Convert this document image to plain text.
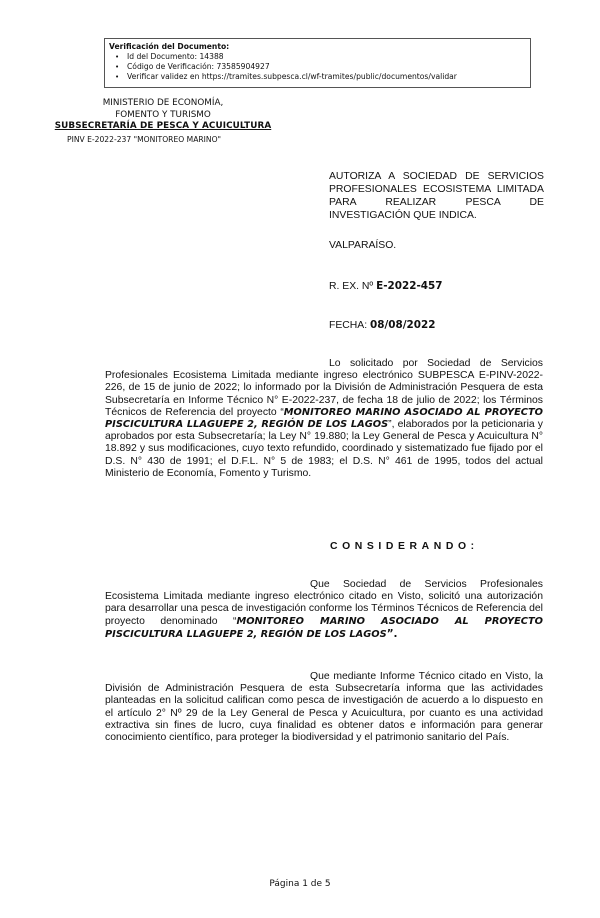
Verificación del Documento:
• Id del Documento: 14388
• Código de Verificación: 73585904927
• Verificar validez en https://tramites.subpesca.cl/wf-tramites/public/documentos/validar
MINISTERIO DE ECONOMÍA,
FOMENTO Y TURISMO
SUBSECRETARÍA DE PESCA Y ACUICULTURA
PINV E-2022-237 "MONITOREO MARINO"
AUTORIZA A SOCIEDAD DE SERVICIOS PROFESIONALES ECOSISTEMA LIMITADA PARA REALIZAR PESCA DE INVESTIGACIÓN QUE INDICA.
VALPARAÍSO.
R. EX. Nº E-2022-457
FECHA: 08/08/2022
Lo solicitado por Sociedad de Servicios Profesionales Ecosistema Limitada mediante ingreso electrónico SUBPESCA E-PINV-2022-226, de 15 de junio de 2022; lo informado por la División de Administración Pesquera de esta Subsecretaría en Informe Técnico N° E-2022-237, de fecha 18 de julio de 2022; los Términos Técnicos de Referencia del proyecto “MONITOREO MARINO ASOCIADO AL PROYECTO PISCICULTURA LLAGUEPE 2, REGIÓN DE LOS LAGOS”, elaborados por la peticionaria y aprobados por esta Subsecretaría; la Ley N° 19.880; la Ley General de Pesca y Acuicultura N° 18.892 y sus modificaciones, cuyo texto refundido, coordinado y sistematizado fue fijado por el D.S. N° 430 de 1991; el D.F.L. N° 5 de 1983; el D.S. N° 461 de 1995, todos del actual Ministerio de Economía, Fomento y Turismo.
CONSIDERANDO:
Que Sociedad de Servicios Profesionales Ecosistema Limitada mediante ingreso electrónico citado en Visto, solicitó una autorización para desarrollar una pesca de investigación conforme los Términos Técnicos de Referencia del proyecto denominado “MONITOREO MARINO ASOCIADO AL PROYECTO PISCICULTURA LLAGUEPE 2, REGIÓN DE LOS LAGOS”.
Que mediante Informe Técnico citado en Visto, la División de Administración Pesquera de esta Subsecretaría informa que las actividades planteadas en la solicitud califican como pesca de investigación de acuerdo a lo dispuesto en el artículo 2° Nº 29 de la Ley General de Pesca y Acuicultura, por cuanto es una actividad extractiva sin fines de lucro, cuya finalidad es obtener datos e información para generar conocimiento científico, para proteger la biodiversidad y el patrimonio sanitario del País.
Página 1 de 5
